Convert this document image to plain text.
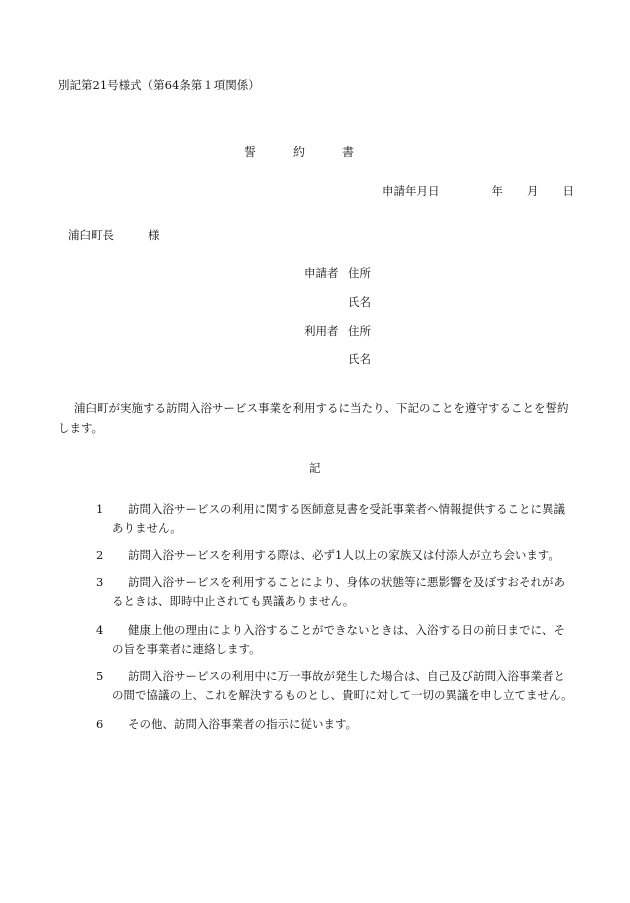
別記第21号様式（第64条第１項関係）
誓	約	書
申請年月日	年 月 日
浦臼町長	様
申請者 住所
氏名
利用者 住所
氏名
浦臼町が実施する訪問入浴サービス事業を利用するに当たり、下記のことを遵守することを誓約します。
記
1	訪問入浴サービスの利用に関する医師意見書を受託事業者へ情報提供することに異議ありません。
2	訪問入浴サービスを利用する際は、必ず1人以上の家族又は付添人が立ち会います。
3	訪問入浴サービスを利用することにより、身体の状態等に悪影響を及ぼすおそれがあるときは、即時中止されても異議ありません。
4	健康上他の理由により入浴することができないときは、入浴する日の前日までに、その旨を事業者に連絡します。
5	訪問入浴サービスの利用中に万一事故が発生した場合は、自己及び訪問入浴事業者との間で協議の上、これを解決するものとし、貴町に対して一切の異議を申し立てません。
6	その他、訪問入浴事業者の指示に従います。
